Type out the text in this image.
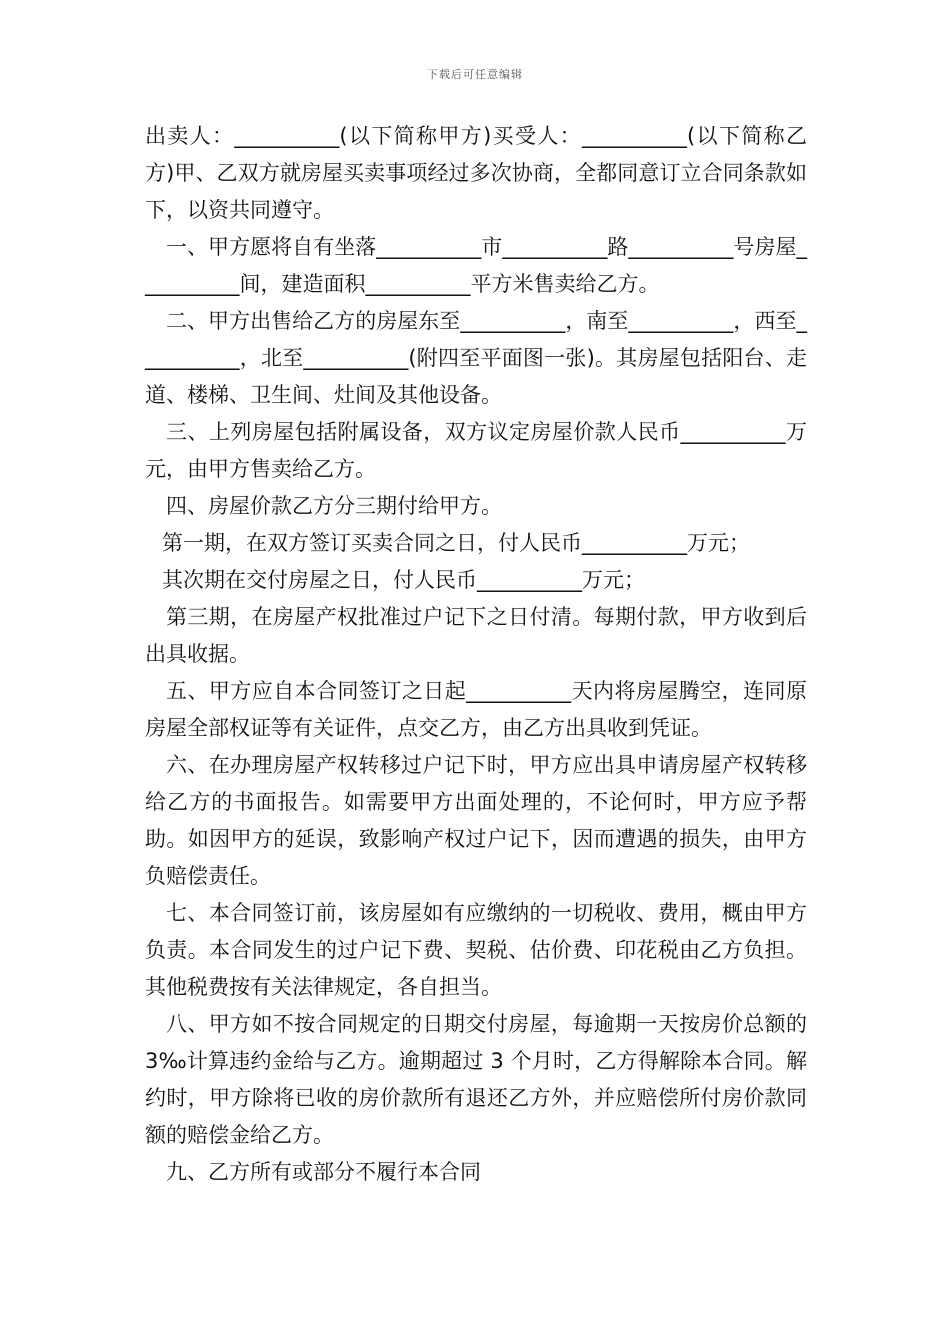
下载后可任意编辑

出卖人：__________(以下简称甲方)买受人：__________(以下简称乙方)甲、乙双方就房屋买卖事项经过多次协商，全都同意订立合同条款如下，以资共同遵守。

一、甲方愿将自有坐落__________市__________路__________号房屋__________间，建造面积__________平方米售卖给乙方。

二、甲方出售给乙方的房屋东至__________，南至__________，西至__________，北至__________(附四至平面图一张)。其房屋包括阳台、走道、楼梯、卫生间、灶间及其他设备。

三、上列房屋包括附属设备，双方议定房屋价款人民币__________万元，由甲方售卖给乙方。

四、房屋价款乙方分三期付给甲方。

第一期，在双方签订买卖合同之日，付人民币__________万元；

其次期在交付房屋之日，付人民币__________万元；

第三期，在房屋产权批准过户记下之日付清。每期付款，甲方收到后出具收据。

五、甲方应自本合同签订之日起__________天内将房屋腾空，连同原房屋全部权证等有关证件，点交乙方，由乙方出具收到凭证。

六、在办理房屋产权转移过户记下时，甲方应出具申请房屋产权转移给乙方的书面报告。如需要甲方出面处理的，不论何时，甲方应予帮助。如因甲方的延误，致影响产权过户记下，因而遭遇的损失，由甲方负赔偿责任。

七、本合同签订前，该房屋如有应缴纳的一切税收、费用，概由甲方负责。本合同发生的过户记下费、契税、估价费、印花税由乙方负担。其他税费按有关法律规定，各自担当。

八、甲方如不按合同规定的日期交付房屋，每逾期一天按房价总额的 3‰计算违约金给与乙方。逾期超过 3 个月时，乙方得解除本合同。解约时，甲方除将已收的房价款所有退还乙方外，并应赔偿所付房价款同额的赔偿金给乙方。

九、乙方所有或部分不履行本合同
